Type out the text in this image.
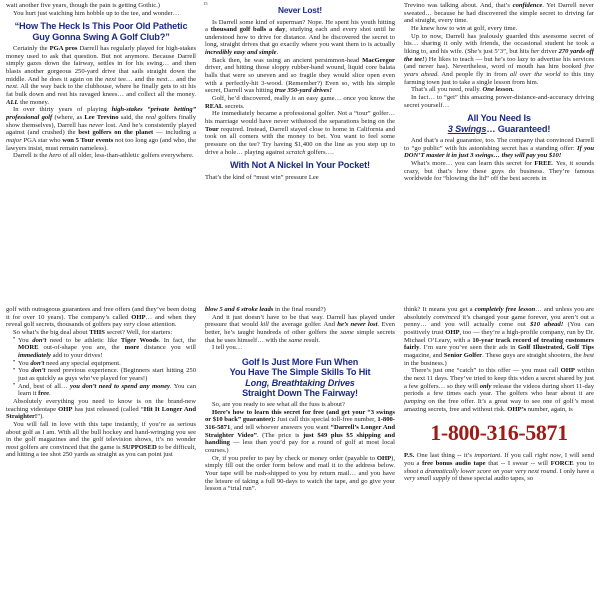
15

wait another five years, though the pain is getting Gothic.)

You hurt just watching him hobble up to the tee, and wonder…

“How The Heck Is This Poor Old Pathetic Guy Gonna Swing A Golf Club?”

Certainly the PGA pros Darrell has regularly played for high-stakes money used to ask that question. But not anymore. Because Darrell simply gazes down the fairway, settles in for his swing… and then blasts another gorgeous 250-yard drive that sails straight down the middle. And he does it again on the next tee… and the next… and the next. All the way back to the clubhouse, where he finally gets to sit his fat bulk down and rest his ravaged knees… and collect all the money. ALL the money.

In over thirty years of playing high-stakes “private betting” professional golf (where, as Lee Trevino said, the real golfers finally show themselves), Darrell has never lost. And he’s consistently played against (and crushed) the best golfers on the planet — including a major PGA star who won 5 Tour events not too long ago (and who, the lawyers insist, must remain nameless).

Darrell is the hero of all older, less-than-athletic golfers everywhere.

Never Lost!

Is Darrell some kind of superman? Nope. He spent his youth hitting a thousand golf balls a day, studying each and every shot until he understood how to drive for distance. And he discovered the secret to long, straight drives that go exactly where you want them to is actually incredibly easy and simple.

Back then, he was using an ancient persimmon-head MacGregor driver, and hitting those sloppy rubber-band wound, liquid core balata balls that were so uneven and so fragile they would slice open even with a perfectly-hit 3-wood. (Remember?) Even so, with his simple secret, Darrell was hitting true 350-yard drives!

Golf, he’d discovered, really is an easy game… once you know the REAL secrets.

He immediately became a professional golfer. Not a “tour” golfer… his marriage would have never withstood the separations being on the Tour required. Instead, Darrell stayed close to home in California and took on all comers with the money to bet. You want to feel some pressure on the tee? Try having $1,400 on the line as you step up to drive a hole… playing against scratch golfers….

With Not A Nickel In Your Pocket!

That’s the kind of “must win” pressure Lee

Trevino was talking about. And, that’s confidence. Yet Darrell never sweated… because he had discovered the simple secret to driving far and straight, every time.

He knew how to win at golf, every time.

Up to now, Darrell has jealously guarded this awesome secret of his… sharing it only with friends, the occasional student he took a liking to, and his wife. (She’s just 5’3”, but hits her driver 270 yards off the tee!) He likes to teach — but he’s too lazy to advertise his services (and never has). Nevertheless, word of mouth has him booked five years ahead. And people fly in from all over the world to this tiny farming town just to take a single lesson from him.

That’s all you need, really. One lesson.

In fact… to “get” this amazing power-distance-and-accuracy driving secret yourself…

All You Need Is
3 Swings… Guaranteed!

And that’s a real guarantee, too. The company that convinced Darrell to “go public” with his astonishing secret has a standing offer: If you DON’T master it in just 3 swings… they will pay you $10!

What’s more… you can learn this secret for FREE. Yes, it sounds crazy, but that’s how these guys do business. They’re famous worldwide for “blowing the lid” off the best secrets in

golf with outrageous guarantees and free offers (and they’ve been doing it for over 10 years). The company’s called OHP… and when they reveal golf secrets, thousands of golfers pay very close attention.

So what’s the big deal about THIS secret? Well, for starters:

• You don’t need to be athletic like Tiger Woods. In fact, the MORE out-of-shape you are, the more distance you will immediately add to your drives!
• You don’t need any special equipment.
• You don’t need previous experience. (Beginners start hitting 250 just as quickly as guys who’ve played for years!)
• And, best of all… you don’t need to spend any money. You can learn it free.

Absolutely everything you need to know is on the brand-new teaching videotape OHP has just released (called “Hit It Longer And Straighter!”).

You will fall in love with this tape instantly, if you’re as serious about golf as I am. With all the bull hockey and hand-wringing you see in the golf magazines and the golf television shows, it’s no wonder most golfers are convinced that the game is SUPPOSED to be difficult, and hitting a tee shot 250 yards as straight as you can point just

blow 5 and 6 stroke leads in the final round?)

And it just doesn’t have to be that way. Darrell has played under pressure that would kill the average golfer. And he’s never lost. Even better, he’s taught hundreds of other golfers the same simple secrets that he uses himself… with the same result.

I tell you…

Golf Is Just More Fun When
You Have The Simple Skills To Hit
Long, Breathtaking Drives
Straight Down The Fairway!

So, are you ready to see what all the fuss is about?

Here’s how to learn this secret for free (and get your “3 swings or $10 back” guarantee): Just call this special toll-free number, 1-800-316-5871, and tell whoever answers you want “Darrell’s Longer And Straighter Video”. (The price is just $49 plus $5 shipping and handling — less than you’d pay for a round of golf at most local courses.)

Or, if you prefer to pay by check or money order (payable to OHP), simply fill out the order form below and mail it to the address below. Your tape will be rush-shipped to you by return mail… and you have the leisure of taking a full 90-days to watch the tape, and go give your lesson a “trial run”.

think? It means you get a completely free lesson… and unless you are absolutely convinced it’s changed your game forever, you aren’t out a penny… and you will actually come out $10 ahead! (You can positively trust OHP, too — they’re a high-profile company, run by Dr. Michael O’Leary, with a 10-year track record of treating customers fairly. I’m sure you’ve seen their ads in Golf Illustrated, Golf Tips magazine, and Senior Golfer. These guys are straight shooters, the best in the business.)

There’s just one “catch” to this offer — you must call OHP within the next 11 days. They’ve tried to keep this video a secret shared by just a few golfers… so they will only release the videos during short 11-day periods a few times each year. The golfers who hear about it are jumping on the free offer. It’s a great way to see one of golf’s most amazing secrets, free and without risk. OHP’s number, again, is

1-800-316-5871

P.S. One last thing -- it’s important. If you call right now, I will send you a free bonus audio tape that -- I swear -- will FORCE you to shoot a dramatically lower score on your very next round. I only have a very small supply of these special audio tapes, so
